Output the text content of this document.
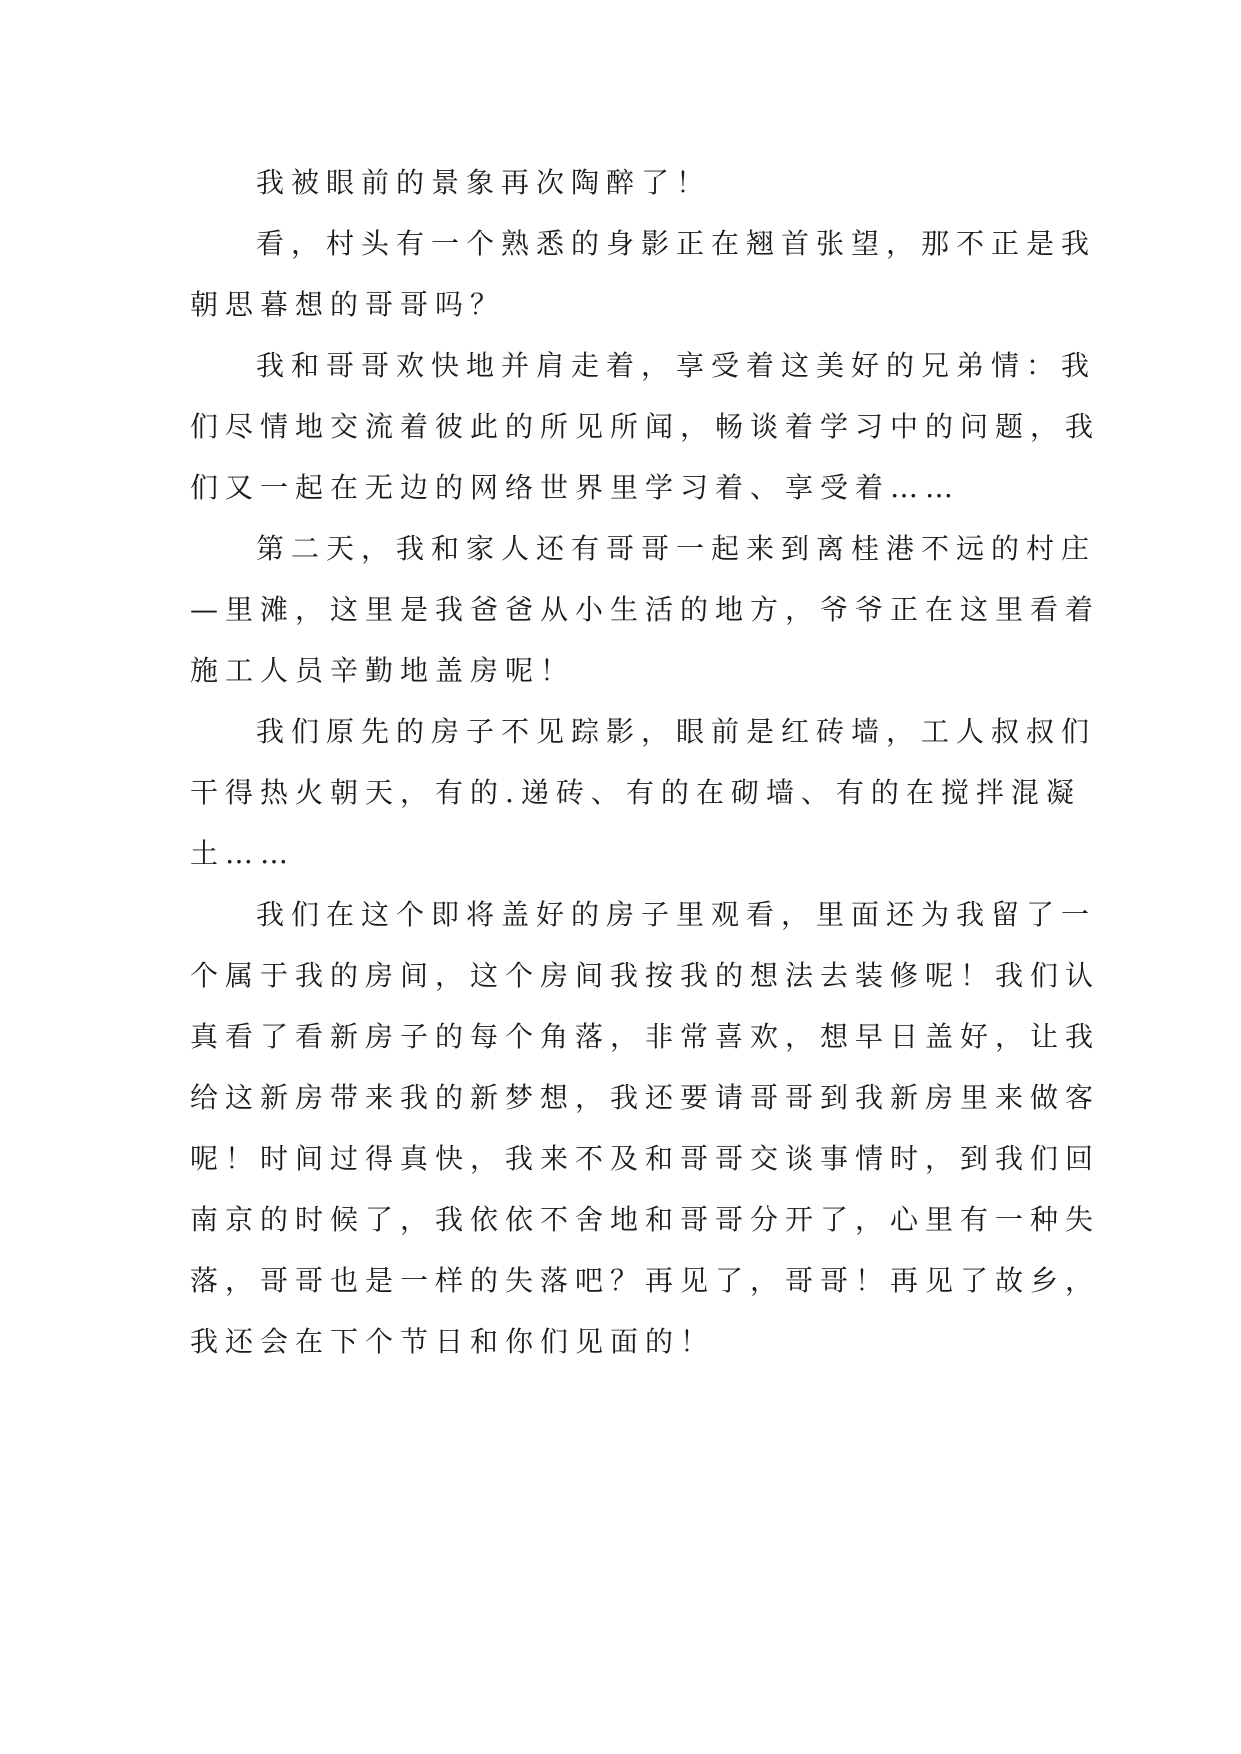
我被眼前的景象再次陶醉了！
看，村头有一个熟悉的身影正在翘首张望，那不正是我
朝思暮想的哥哥吗？
我和哥哥欢快地并肩走着，享受着这美好的兄弟情：我
们尽情地交流着彼此的所见所闻，畅谈着学习中的问题，我
们又一起在无边的网络世界里学习着、享受着……
第二天，我和家人还有哥哥一起来到离桂港不远的村庄
—里滩，这里是我爸爸从小生活的地方，爷爷正在这里看着
施工人员辛勤地盖房呢！
我们原先的房子不见踪影，眼前是红砖墙，工人叔叔们
干得热火朝天，有的.递砖、有的在砌墙、有的在搅拌混凝
土……
我们在这个即将盖好的房子里观看，里面还为我留了一
个属于我的房间，这个房间我按我的想法去装修呢！我们认
真看了看新房子的每个角落，非常喜欢，想早日盖好，让我
给这新房带来我的新梦想，我还要请哥哥到我新房里来做客
呢！时间过得真快，我来不及和哥哥交谈事情时，到我们回
南京的时候了，我依依不舍地和哥哥分开了，心里有一种失
落，哥哥也是一样的失落吧？再见了，哥哥！再见了故乡，
我还会在下个节日和你们见面的！
